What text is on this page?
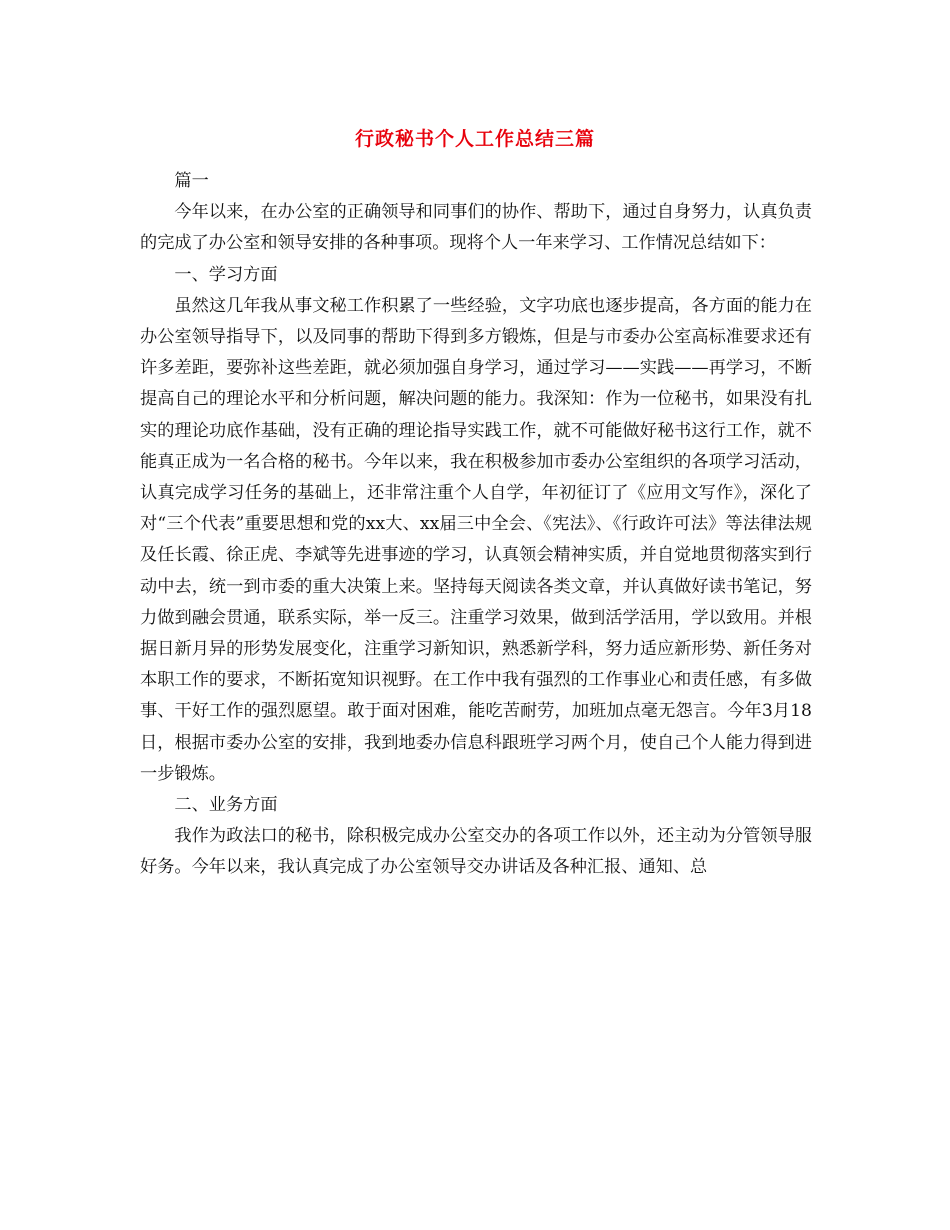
行政秘书个人工作总结三篇

篇一

今年以来，在办公室的正确领导和同事们的协作、帮助下，通过自身努力，认真负责的完成了办公室和领导安排的各种事项。现将个人一年来学习、工作情况总结如下：

一、学习方面

虽然这几年我从事文秘工作积累了一些经验，文字功底也逐步提高，各方面的能力在办公室领导指导下，以及同事的帮助下得到多方锻炼，但是与市委办公室高标准要求还有许多差距，要弥补这些差距，就必须加强自身学习，通过学习——实践——再学习，不断提高自己的理论水平和分析问题，解决问题的能力。我深知：作为一位秘书，如果没有扎实的理论功底作基础，没有正确的理论指导实践工作，就不可能做好秘书这行工作，就不能真正成为一名合格的秘书。今年以来，我在积极参加市委办公室组织的各项学习活动，认真完成学习任务的基础上，还非常注重个人自学，年初征订了《应用文写作》，深化了对“三个代表”重要思想和党的xx大、xx届三中全会、《宪法》、《行政许可法》等法律法规及任长霞、徐正虎、李斌等先进事迹的学习，认真领会精神实质，并自觉地贯彻落实到行动中去，统一到市委的重大决策上来。坚持每天阅读各类文章，并认真做好读书笔记，努力做到融会贯通，联系实际，举一反三。注重学习效果，做到活学活用，学以致用。并根据日新月异的形势发展变化，注重学习新知识，熟悉新学科，努力适应新形势、新任务对本职工作的要求，不断拓宽知识视野。在工作中我有强烈的工作事业心和责任感，有多做事、干好工作的强烈愿望。敢于面对困难，能吃苦耐劳，加班加点毫无怨言。今年3月18日，根据市委办公室的安排，我到地委办信息科跟班学习两个月，使自己个人能力得到进一步锻炼。

二、业务方面

我作为政法口的秘书，除积极完成办公室交办的各项工作以外，还主动为分管领导服好务。今年以来，我认真完成了办公室领导交办讲话及各种汇报、通知、总
